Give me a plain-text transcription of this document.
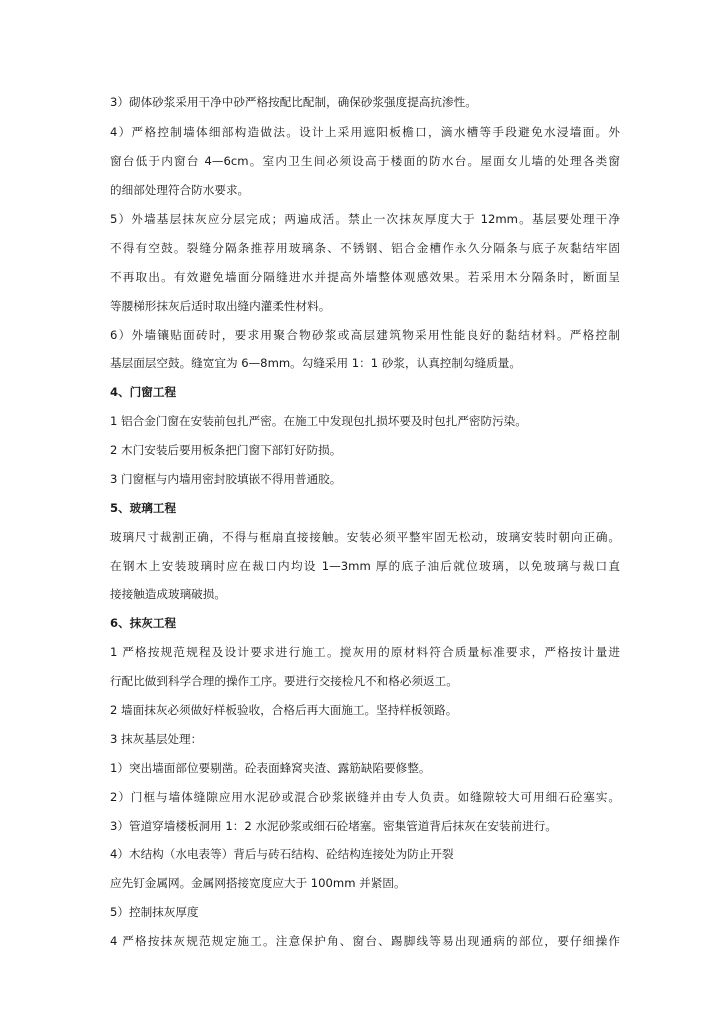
3）砌体砂浆采用干净中砂严格按配比配制，确保砂浆强度提高抗渗性。
4）严格控制墙体细部构造做法。设计上采用遮阳板檐口，滴水槽等手段避免水浸墙面。外
窗台低于内窗台 4—6cm。室内卫生间必须设高于楼面的防水台。屋面女儿墙的处理各类窗
的细部处理符合防水要求。
5）外墙基层抹灰应分层完成；两遍成活。禁止一次抹灰厚度大于 12mm。基层要处理干净
不得有空鼓。裂缝分隔条推荐用玻璃条、不锈钢、铝合金槽作永久分隔条与底子灰黏结牢固
不再取出。有效避免墙面分隔缝进水并提高外墙整体观感效果。若采用木分隔条时，断面呈
等腰梯形抹灰后适时取出缝内灌柔性材料。
6）外墙镶贴面砖时，要求用聚合物砂浆或高层建筑物采用性能良好的黏结材料。严格控制
基层面层空鼓。缝宽宜为 6—8mm。勾缝采用 1：1 砂浆，认真控制勾缝质量。
4、门窗工程
1 铝合金门窗在安装前包扎严密。在施工中发现包扎损坏要及时包扎严密防污染。
2 木门安装后要用板条把门窗下部钉好防损。
3 门窗框与内墙用密封胶填嵌不得用普通胶。
5、玻璃工程
玻璃尺寸裁割正确，不得与框扇直接接触。安装必须平整牢固无松动，玻璃安装时朝向正确。
在钢木上安装玻璃时应在裁口内均设 1—3mm 厚的底子油后就位玻璃，以免玻璃与裁口直
接接触造成玻璃破损。
6、抹灰工程
1 严格按规范规程及设计要求进行施工。搅灰用的原材料符合质量标准要求，严格按计量进
行配比做到科学合理的操作工序。要进行交接检凡不和格必须返工。
2 墙面抹灰必须做好样板验收，合格后再大面施工。坚持样板领路。
3 抹灰基层处理：
1）突出墙面部位要剔凿。砼表面蜂窝夹渣、露筋缺陷要修整。
2）门框与墙体缝隙应用水泥砂或混合砂浆嵌缝并由专人负责。如缝隙较大可用细石砼塞实。
3）管道穿墙楼板洞用 1：2 水泥砂浆或细石砼堵塞。密集管道背后抹灰在安装前进行。
4）木结构（水电表等）背后与砖石结构、砼结构连接处为防止开裂
应先钉金属网。金属网搭接宽度应大于 100mm 并紧固。
5）控制抹灰厚度
4 严格按抹灰规范规定施工。注意保护角、窗台、踢脚线等易出现通病的部位，要仔细操作
